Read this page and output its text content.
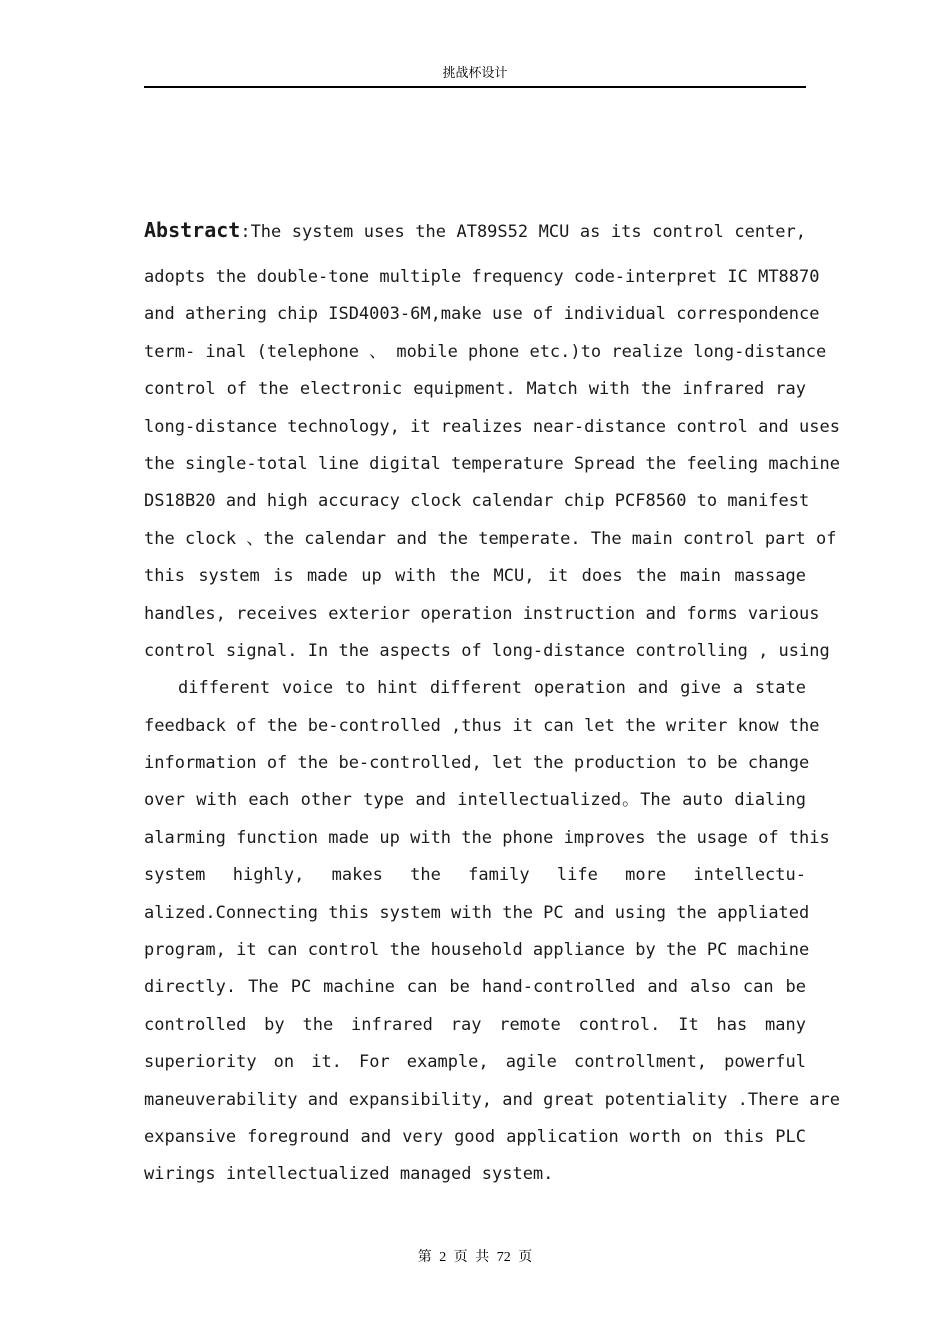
挑战杯设计
Abstract:The system uses the AT89S52 MCU as its control center,
adopts the double-tone multiple frequency code-interpret IC MT8870
and athering chip ISD4003-6M,make use of individual correspondence
term- inal (telephone 、 mobile phone etc.)to realize long-distance
control of the electronic equipment. Match with the infrared ray
long-distance technology, it realizes near-distance control and uses
the single-total line digital temperature Spread the feeling machine
DS18B20 and high accuracy clock calendar chip PCF8560 to manifest
the clock 、the calendar and the temperate. The main control part of
this system is made up with the MCU, it does the main massage
handles, receives exterior operation instruction and forms various
control signal. In the aspects of long-distance controlling , using
different voice to hint different operation and give a state
feedback of the be-controlled ,thus it can let the writer know the
information of the be-controlled, let the production to be change
over with each other type and intellectualized。The auto dialing
alarming function made up with the phone improves the usage of this
system highly, makes the family life more intellectu-
alized.Connecting this system with the PC and using the appliated
program, it can control the household appliance by the PC machine
directly. The PC machine can be hand-controlled and also can be
controlled by the infrared ray remote control. It has many
superiority on it. For example, agile controllment, powerful
maneuverability and expansibility, and great potentiality .There are
expansive foreground and very good application worth on this PLC
wirings intellectualized managed system.
第 2 页 共 72 页
